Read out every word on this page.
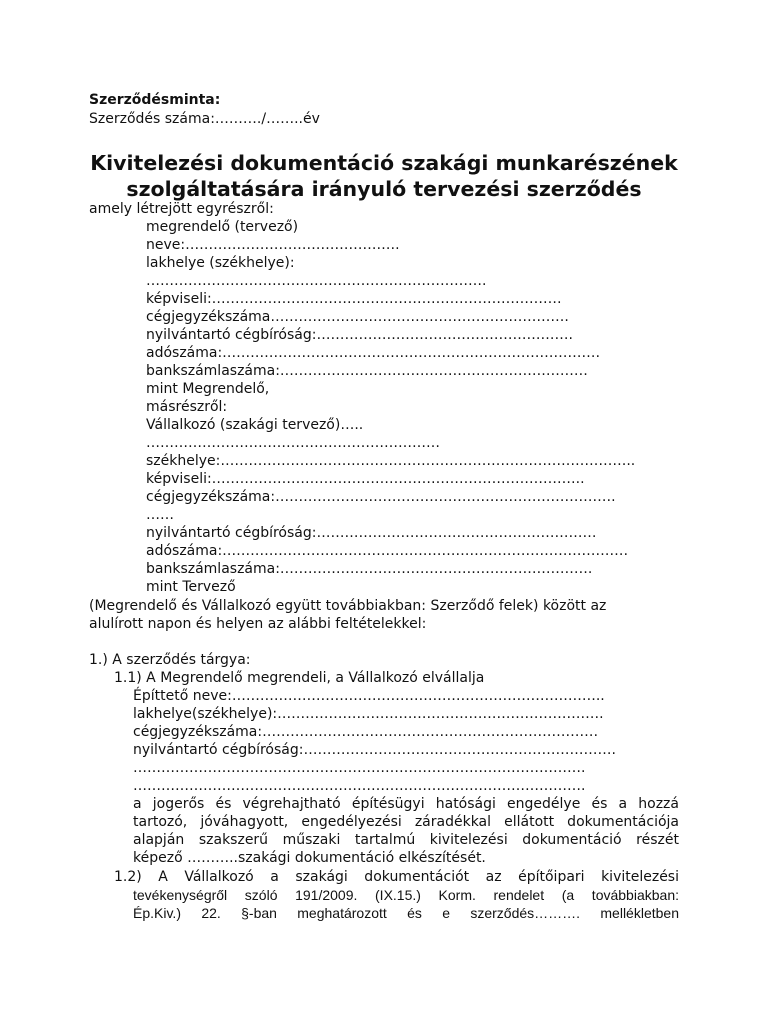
Szerződésminta:
Szerződés száma:………./……..év
Kivitelezési dokumentáció szakági munkarészének
szolgáltatására irányuló tervezési szerződés
amely létrejött egyrészről:
megrendelő (tervező)
neve:……………………………………….
lakhelye (székhelye):
……………………………………………………………….
képviseli:…………………………………………………………………
cégjegyzékszáma……………………………………………………….
nyilvántartó cégbíróság:……………………………………………….
adószáma:………………………………………………………………………
bankszámlaszáma:…………………………………………………………
mint Megrendelő,
másrészről:
Vállalkozó (szakági tervező)…..
………………………………………………………
székhelye:……………………………………………………………………………..
képviseli:……………………………………………………………………..
cégjegyzékszáma:……………………………………………………………….
……
nyilvántartó cégbíróság:……………………………………………………
adószáma:……………………………………………………………………………
bankszámlaszáma:………………………………………………………….
mint Tervező
(Megrendelő és Vállalkozó együtt továbbiakban: Szerződő felek) között az
alulírott napon és helyen az alábbi feltételekkel:
1.) A szerződés tárgya:
1.1) A Megrendelő megrendeli, a Vállalkozó elvállalja
Építtető neve:……………………………………………………………………..
lakhelye(székhelye):…………………………………………………………….
cégjegyzékszáma:………………………………………………………………
nyilvántartó cégbíróság:………………………………………………………….
…………………………………………………………………………………….
…………………………………………………………………………………….
a jogerős és végrehajtható építésügyi hatósági engedélye és a hozzá
tartozó, jóváhagyott, engedélyezési záradékkal ellátott dokumentációja
alapján szakszerű műszaki tartalmú kivitelezési dokumentáció részét
képező ………..szakági dokumentáció elkészítését.
1.2) A Vállalkozó a szakági dokumentációt az építőipari kivitelezési
tevékenységről szóló 191/2009. (IX.15.) Korm. rendelet (a továbbiakban:
Ép.Kiv.) 22. §-ban meghatározott és e szerződés………. mellékletben
